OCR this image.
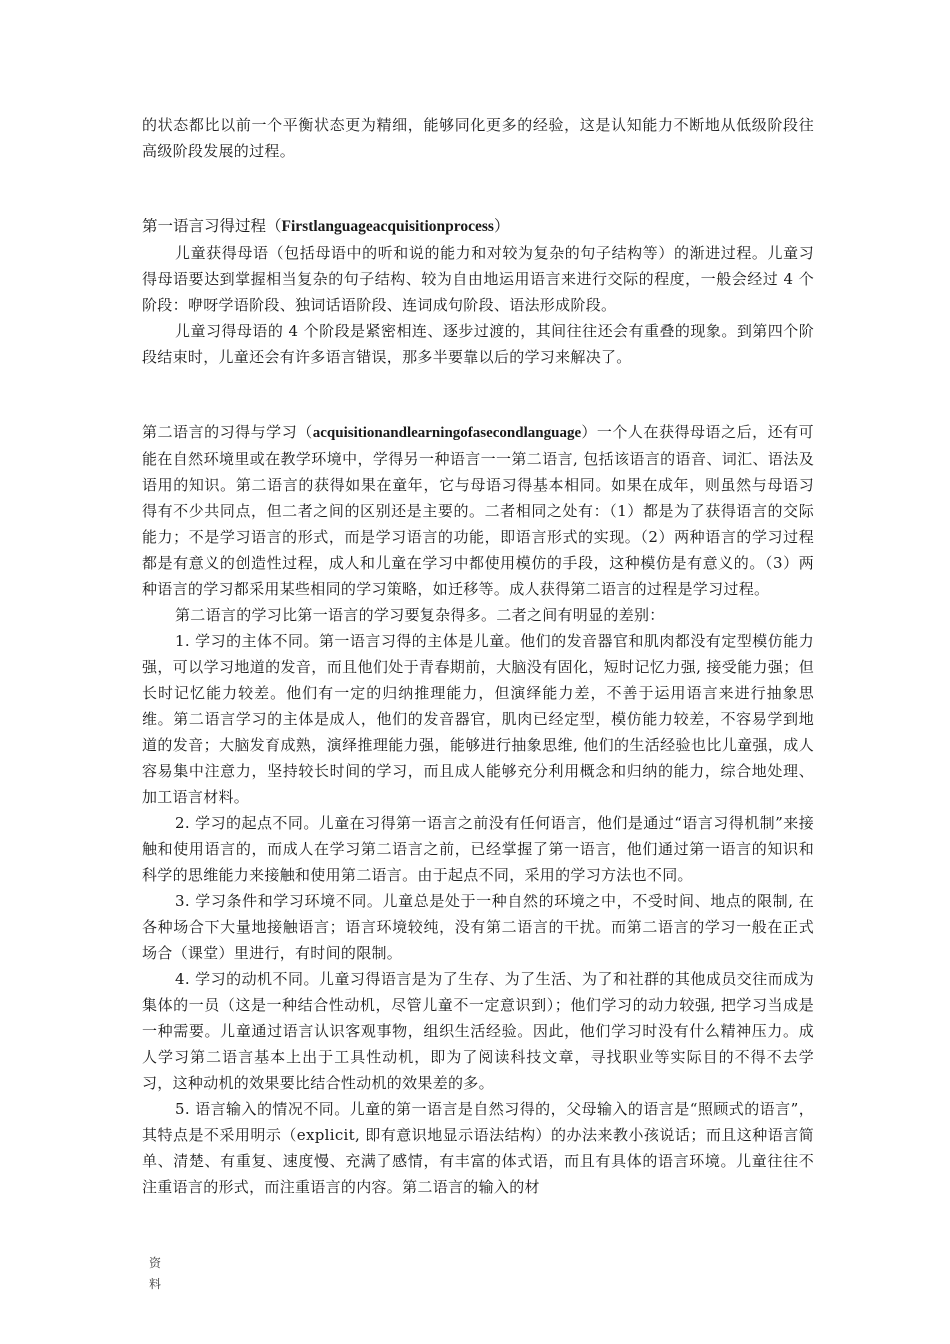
的状态都比以前一个平衡状态更为精细，能够同化更多的经验，这是认知能力不断地从低级阶段往高级阶段发展的过程。

第一语言习得过程（Firstlanguageacquisitionprocess）

儿童获得母语（包括母语中的听和说的能力和对较为复杂的句子结构等）的渐进过程。儿童习得母语要达到掌握相当复杂的句子结构、较为自由地运用语言来进行交际的程度，一般会经过 4 个阶段：咿呀学语阶段、独词话语阶段、连词成句阶段、语法形成阶段。

儿童习得母语的 4 个阶段是紧密相连、逐步过渡的，其间往往还会有重叠的现象。到第四个阶段结束时，儿童还会有许多语言错误，那多半要靠以后的学习来解决了。

第二语言的习得与学习（acquisitionandlearningofasecondlanguage）一个人在获得母语之后，还有可能在自然环境里或在教学环境中，学得另一种语言一一第二语言, 包括该语言的语音、词汇、语法及语用的知识。第二语言的获得如果在童年，它与母语习得基本相同。如果在成年，则虽然与母语习得有不少共同点，但二者之间的区别还是主要的。二者相同之处有：（1）都是为了获得语言的交际能力；不是学习语言的形式，而是学习语言的功能，即语言形式的实现。（2）两种语言的学习过程都是有意义的创造性过程，成人和儿童在学习中都使用模仿的手段，这种模仿是有意义的。（3）两种语言的学习都采用某些相同的学习策略，如迁移等。成人获得第二语言的过程是学习过程。

第二语言的学习比第一语言的学习要复杂得多。二者之间有明显的差别：

1. 学习的主体不同。第一语言习得的主体是儿童。他们的发音器官和肌肉都没有定型模仿能力强，可以学习地道的发音，而且他们处于青春期前，大脑没有固化，短时记忆力强, 接受能力强；但长时记忆能力较差。他们有一定的归纳推理能力，但演绎能力差，不善于运用语言来进行抽象思维。第二语言学习的主体是成人，他们的发音器官，肌肉已经定型，模仿能力较差，不容易学到地道的发音；大脑发育成熟，演绎推理能力强，能够进行抽象思维, 他们的生活经验也比儿童强，成人容易集中注意力，坚持较长时间的学习，而且成人能够充分利用概念和归纳的能力，综合地处理、加工语言材料。

2. 学习的起点不同。儿童在习得第一语言之前没有任何语言，他们是通过“语言习得机制”来接触和使用语言的，而成人在学习第二语言之前，已经掌握了第一语言，他们通过第一语言的知识和科学的思维能力来接触和使用第二语言。由于起点不同，采用的学习方法也不同。

3. 学习条件和学习环境不同。儿童总是处于一种自然的环境之中，不受时间、地点的限制, 在各种场合下大量地接触语言；语言环境较纯，没有第二语言的干扰。而第二语言的学习一般在正式场合（课堂）里进行，有时间的限制。

4. 学习的动机不同。儿童习得语言是为了生存、为了生活、为了和社群的其他成员交往而成为集体的一员（这是一种结合性动机，尽管儿童不一定意识到）；他们学习的动力较强, 把学习当成是一种需要。儿童通过语言认识客观事物，组织生活经验。因此，他们学习时没有什么精神压力。成人学习第二语言基本上出于工具性动机，即为了阅读科技文章，寻找职业等实际目的不得不去学习，这种动机的效果要比结合性动机的效果差的多。

5. 语言输入的情况不同。儿童的第一语言是自然习得的，父母输入的语言是“照顾式的语言”，其特点是不采用明示（explicit, 即有意识地显示语法结构）的办法来教小孩说话；而且这种语言简单、清楚、有重复、速度慢、充满了感情，有丰富的体式语，而且有具体的语言环境。儿童往往不注重语言的形式，而注重语言的内容。第二语言的输入的材

资
料
